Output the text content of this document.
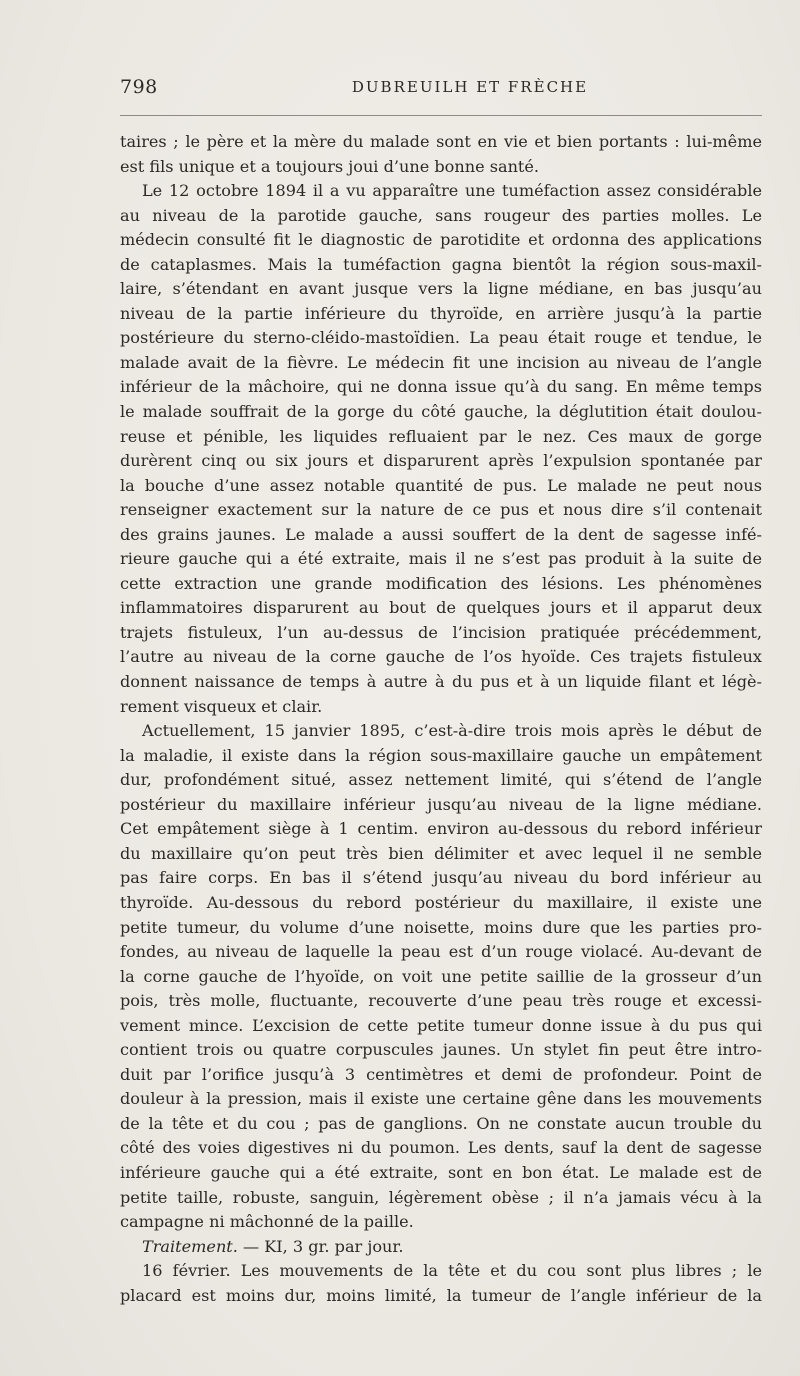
798	DUBREUILH ET FRÈCHE
taires ; le père et la mère du malade sont en vie et bien portants : lui-même
est fils unique et a toujours joui d’une bonne santé.
Le 12 octobre 1894 il a vu apparaître une tuméfaction assez considérable
au niveau de la parotide gauche, sans rougeur des parties molles. Le
médecin consulté fit le diagnostic de parotidite et ordonna des applications
de cataplasmes. Mais la tuméfaction gagna bientôt la région sous-maxil-
laire, s’étendant en avant jusque vers la ligne médiane, en bas jusqu’au
niveau de la partie inférieure du thyroïde, en arrière jusqu’à la partie
postérieure du sterno-cléido-mastoïdien. La peau était rouge et tendue, le
malade avait de la fièvre. Le médecin fit une incision au niveau de l’angle
inférieur de la mâchoire, qui ne donna issue qu’à du sang. En même temps
le malade souffrait de la gorge du côté gauche, la déglutition était doulou-
reuse et pénible, les liquides refluaient par le nez. Ces maux de gorge
durèrent cinq ou six jours et disparurent après l’expulsion spontanée par
la bouche d’une assez notable quantité de pus. Le malade ne peut nous
renseigner exactement sur la nature de ce pus et nous dire s’il contenait
des grains jaunes. Le malade a aussi souffert de la dent de sagesse infé-
rieure gauche qui a été extraite, mais il ne s’est pas produit à la suite de
cette extraction une grande modification des lésions. Les phénomènes
inflammatoires disparurent au bout de quelques jours et il apparut deux
trajets fistuleux, l’un au-dessus de l’incision pratiquée précédemment,
l’autre au niveau de la corne gauche de l’os hyoïde. Ces trajets fistuleux
donnent naissance de temps à autre à du pus et à un liquide filant et légè-
rement visqueux et clair.
Actuellement, 15 janvier 1895, c’est-à-dire trois mois après le début de
la maladie, il existe dans la région sous-maxillaire gauche un empâtement
dur, profondément situé, assez nettement limité, qui s’étend de l’angle
postérieur du maxillaire inférieur jusqu’au niveau de la ligne médiane.
Cet empâtement siège à 1 centim. environ au-dessous du rebord inférieur
du maxillaire qu’on peut très bien délimiter et avec lequel il ne semble
pas faire corps. En bas il s’étend jusqu’au niveau du bord inférieur au
thyroïde. Au-dessous du rebord postérieur du maxillaire, il existe une
petite tumeur, du volume d’une noisette, moins dure que les parties pro-
fondes, au niveau de laquelle la peau est d’un rouge violacé. Au-devant de
la corne gauche de l’hyoïde, on voit une petite saillie de la grosseur d’un
pois, très molle, fluctuante, recouverte d’une peau très rouge et excessi-
vement mince. L’excision de cette petite tumeur donne issue à du pus qui
contient trois ou quatre corpuscules jaunes. Un stylet fin peut être intro-
duit par l’orifice jusqu’à 3 centimètres et demi de profondeur. Point de
douleur à la pression, mais il existe une certaine gêne dans les mouvements
de la tête et du cou ; pas de ganglions. On ne constate aucun trouble du
côté des voies digestives ni du poumon. Les dents, sauf la dent de sagesse
inférieure gauche qui a été extraite, sont en bon état. Le malade est de
petite taille, robuste, sanguin, légèrement obèse ; il n’a jamais vécu à la
campagne ni mâchonné de la paille.
Traitement. — KI, 3 gr. par jour.
16 février. Les mouvements de la tête et du cou sont plus libres ; le
placard est moins dur, moins limité, la tumeur de l’angle inférieur de la
